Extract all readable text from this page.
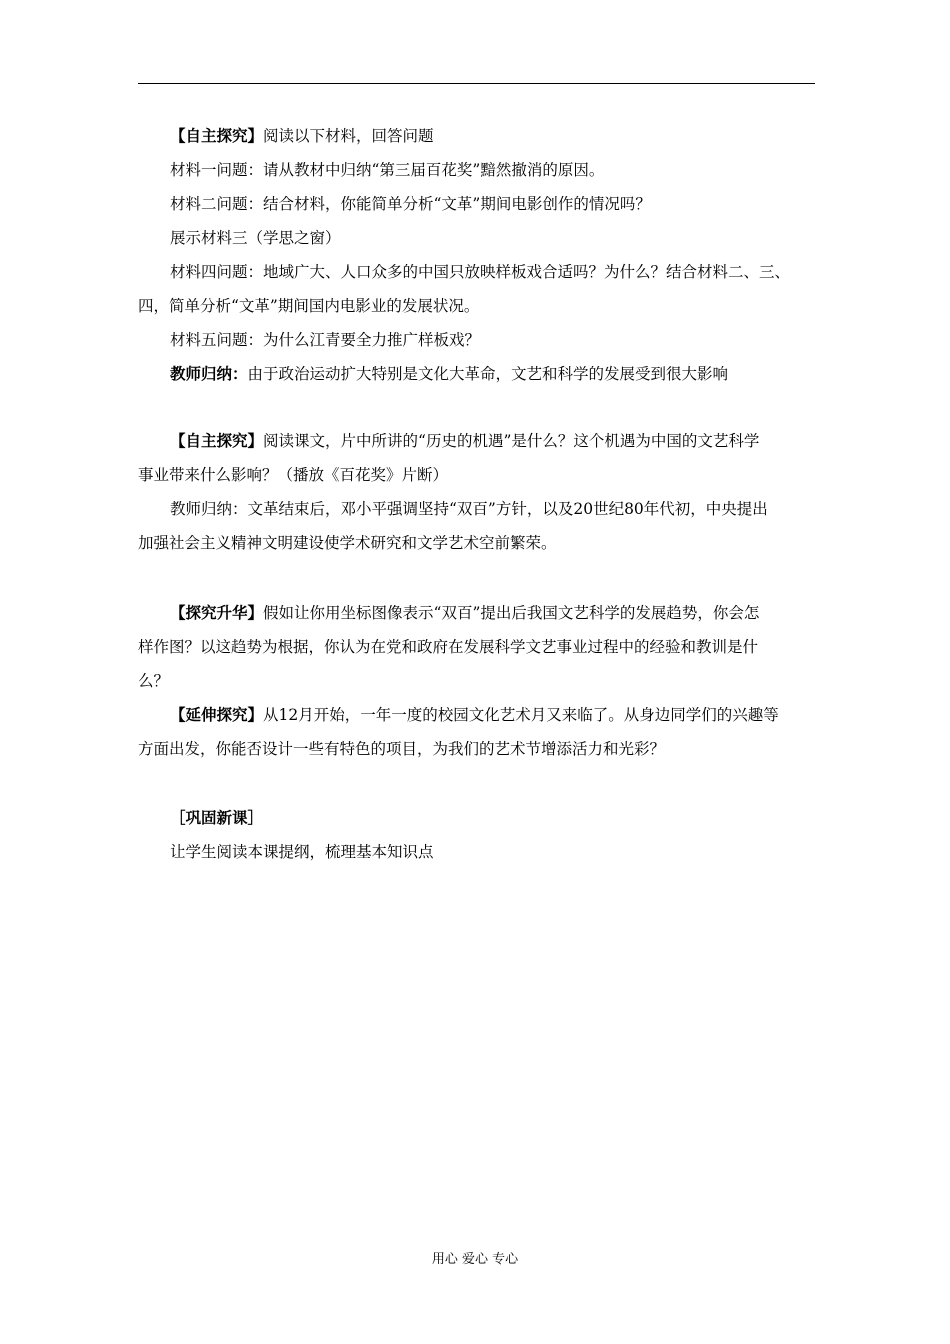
【自主探究】阅读以下材料，回答问题
材料一问题：请从教材中归纳“第三届百花奖”黯然撤消的原因。
材料二问题：结合材料，你能简单分析“文革”期间电影创作的情况吗？
展示材料三（学思之窗）
材料四问题：地域广大、人口众多的中国只放映样板戏合适吗？为什么？结合材料二、三、
四，简单分析“文革”期间国内电影业的发展状况。
材料五问题：为什么江青要全力推广样板戏？
教师归纳：由于政治运动扩大特别是文化大革命，文艺和科学的发展受到很大影响
【自主探究】阅读课文，片中所讲的“历史的机遇”是什么？这个机遇为中国的文艺科学
事业带来什么影响？（播放《百花奖》片断）
教师归纳：文革结束后，邓小平强调坚持“双百”方针，以及20世纪80年代初，中央提出
加强社会主义精神文明建设使学术研究和文学艺术空前繁荣。
【探究升华】假如让你用坐标图像表示“双百”提出后我国文艺科学的发展趋势，你会怎
样作图？以这趋势为根据，你认为在党和政府在发展科学文艺事业过程中的经验和教训是什
么？
【延伸探究】从12月开始，一年一度的校园文化艺术月又来临了。从身边同学们的兴趣等
方面出发，你能否设计一些有特色的项目，为我们的艺术节增添活力和光彩？
［巩固新课］
让学生阅读本课提纲，梳理基本知识点
用心 爱心 专心
